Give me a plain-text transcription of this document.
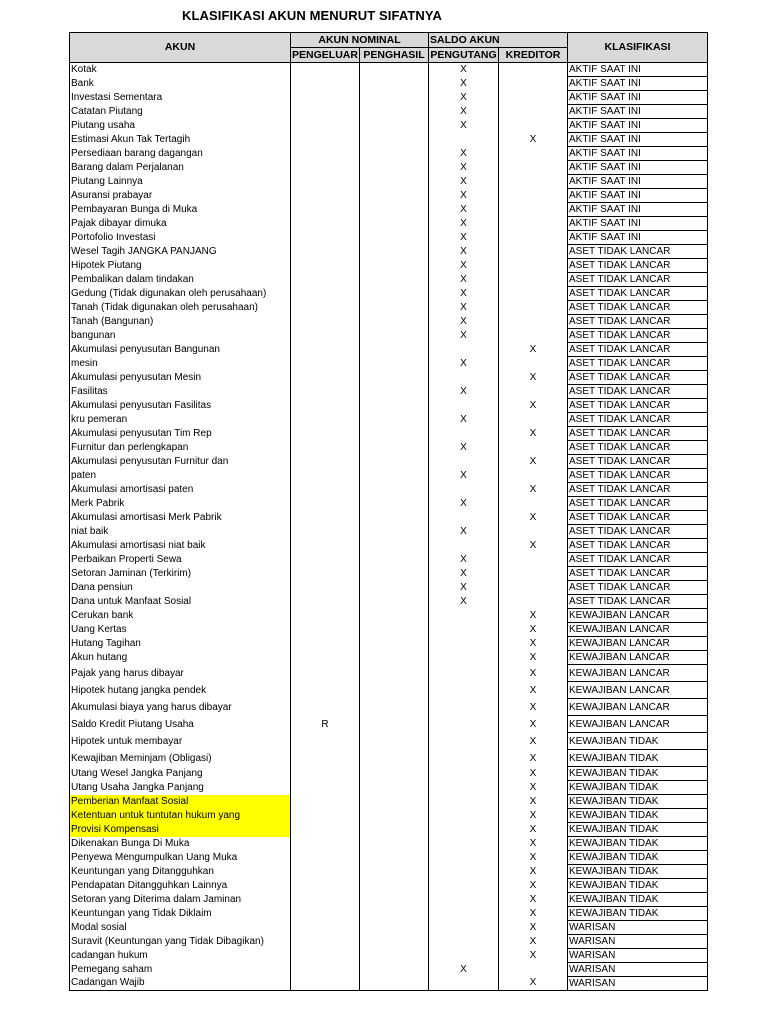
KLASIFIKASI AKUN MENURUT SIFATNYA
AKUN	AKUN NOMINAL		SALDO AKUN		KLASIFIKASI
	PENGELUAR	PENGHASIL	PENGUTANG	KREDITOR	
Kotak			X		AKTIF SAAT INI
Bank			X		AKTIF SAAT INI
Investasi Sementara			X		AKTIF SAAT INI
Catatan Piutang			X		AKTIF SAAT INI
Piutang usaha			X		AKTIF SAAT INI
Estimasi Akun Tak Tertagih				X	AKTIF SAAT INI
Persediaan barang dagangan			X		AKTIF SAAT INI
Barang dalam Perjalanan			X		AKTIF SAAT INI
Piutang Lainnya			X		AKTIF SAAT INI
Asuransi prabayar			X		AKTIF SAAT INI
Pembayaran Bunga di Muka			X		AKTIF SAAT INI
Pajak dibayar dimuka			X		AKTIF SAAT INI
Portofolio Investasi			X		AKTIF SAAT INI
Wesel Tagih JANGKA PANJANG			X		ASET TIDAK LANCAR
Hipotek Piutang			X		ASET TIDAK LANCAR
Pembalikan dalam tindakan			X		ASET TIDAK LANCAR
Gedung (Tidak digunakan oleh perusahaan)			X		ASET TIDAK LANCAR
Tanah (Tidak digunakan oleh perusahaan)			X		ASET TIDAK LANCAR
Tanah (Bangunan)			X		ASET TIDAK LANCAR
bangunan			X		ASET TIDAK LANCAR
Akumulasi penyusutan Bangunan				X	ASET TIDAK LANCAR
mesin			X		ASET TIDAK LANCAR
Akumulasi penyusutan Mesin				X	ASET TIDAK LANCAR
Fasilitas			X		ASET TIDAK LANCAR
Akumulasi penyusutan Fasilitas				X	ASET TIDAK LANCAR
kru pemeran			X		ASET TIDAK LANCAR
Akumulasi penyusutan Tim Rep				X	ASET TIDAK LANCAR
Furnitur dan perlengkapan			X		ASET TIDAK LANCAR
Akumulasi penyusutan Furnitur dan				X	ASET TIDAK LANCAR
paten			X		ASET TIDAK LANCAR
Akumulasi amortisasi paten				X	ASET TIDAK LANCAR
Merk Pabrik			X		ASET TIDAK LANCAR
Akumulasi amortisasi Merk Pabrik				X	ASET TIDAK LANCAR
niat baik			X		ASET TIDAK LANCAR
Akumulasi amortisasi niat baik				X	ASET TIDAK LANCAR
Perbaikan Properti Sewa			X		ASET TIDAK LANCAR
Setoran Jaminan (Terkirim)			X		ASET TIDAK LANCAR
Dana pensiun			X		ASET TIDAK LANCAR
Dana untuk Manfaat Sosial			X		ASET TIDAK LANCAR
Cerukan bank				X	KEWAJIBAN LANCAR
Uang Kertas				X	KEWAJIBAN LANCAR
Hutang Tagihan				X	KEWAJIBAN LANCAR
Akun hutang				X	KEWAJIBAN LANCAR
Pajak yang harus dibayar				X	KEWAJIBAN LANCAR
Hipotek hutang jangka pendek				X	KEWAJIBAN LANCAR
Akumulasi biaya yang harus dibayar				X	KEWAJIBAN LANCAR
Saldo Kredit Piutang Usaha	R			X	KEWAJIBAN LANCAR
Hipotek untuk membayar				X	KEWAJIBAN TIDAK
Kewajiban Meminjam (Obligasi)				X	KEWAJIBAN TIDAK
Utang Wesel Jangka Panjang				X	KEWAJIBAN TIDAK
Utang Usaha Jangka Panjang				X	KEWAJIBAN TIDAK
Pemberian Manfaat Sosial				X	KEWAJIBAN TIDAK
Ketentuan untuk tuntutan hukum yang				X	KEWAJIBAN TIDAK
Provisi Kompensasi				X	KEWAJIBAN TIDAK
Dikenakan Bunga Di Muka				X	KEWAJIBAN TIDAK
Penyewa Mengumpulkan Uang Muka				X	KEWAJIBAN TIDAK
Keuntungan yang Ditangguhkan				X	KEWAJIBAN TIDAK
Pendapatan Ditangguhkan Lainnya				X	KEWAJIBAN TIDAK
Setoran yang Diterima dalam Jaminan				X	KEWAJIBAN TIDAK
Keuntungan yang Tidak Diklaim				X	KEWAJIBAN TIDAK
Modal sosial				X	WARISAN
Suravit (Keuntungan yang Tidak Dibagikan)				X	WARISAN
cadangan hukum				X	WARISAN
Pemegang saham			X		WARISAN
Cadangan Wajib				X	WARISAN
